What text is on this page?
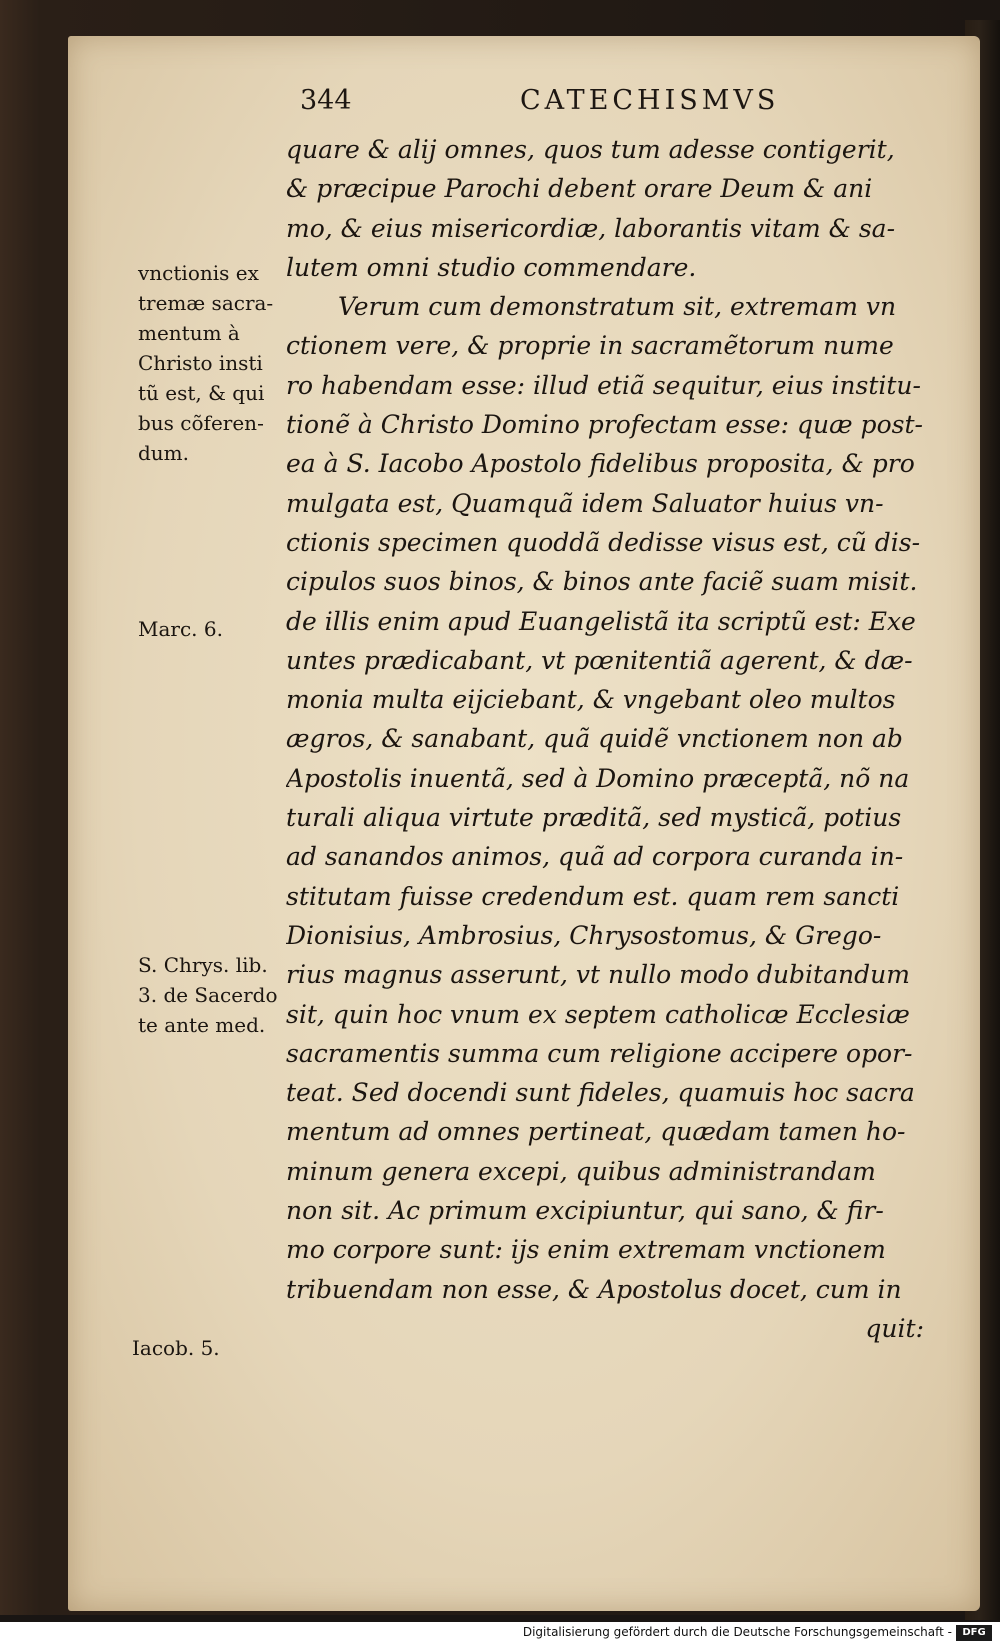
344	CATECHISMVS
quare & alij omnes, quos tum adesse contigerit,
& præcipue Parochi debent orare Deum & ani
mo, & eius misericordiæ, laborantis vitam & sa-
lutem omni studio commendare.
Verum cum demonstratum sit, extremam vn
ctionem vere, & proprie in sacramẽtorum nume
ro habendam esse: illud etiã sequitur, eius institu-
tionẽ à Christo Domino profectam esse: quæ post-
ea à S. Iacobo Apostolo fidelibus proposita, & pro
mulgata est, Quamquã idem Saluator huius vn-
ctionis specimen quoddã dedisse visus est, cũ dis-
cipulos suos binos, & binos ante faciẽ suam misit.
de illis enim apud Euangelistã ita scriptũ est: Exe
untes prædicabant, vt pœnitentiã agerent, & dæ-
monia multa eijciebant, & vngebant oleo multos
ægros, & sanabant, quã quidẽ vnctionem non ab
Apostolis inuentã, sed à Domino præceptã, nõ na
turali aliqua virtute præditã, sed mysticã, potius
ad sanandos animos, quã ad corpora curanda in-
stitutam fuisse credendum est. quam rem sancti
Dionisius, Ambrosius, Chrysostomus, & Grego-
rius magnus asserunt, vt nullo modo dubitandum
sit, quin hoc vnum ex septem catholicæ Ecclesiæ
sacramentis summa cum religione accipere opor-
teat. Sed docendi sunt fideles, quamuis hoc sacra
mentum ad omnes pertineat, quædam tamen ho-
minum genera excepi, quibus administrandam
non sit. Ac primum excipiuntur, qui sano, & fir-
mo corpore sunt: ijs enim extremam vnctionem
tribuendam non esse, & Apostolus docet, cum in
quit:
vnctionis ex
tremæ sacra-
mentum à
Christo insti
tũ est, & qui
bus cõferen-
dum.
Marc. 6.
S. Chrys. lib.
3. de Sacerdo
te ante med.
Iacob. 5.
Digitalisierung gefördert durch die Deutsche Forschungsgemeinschaft -	DFG
